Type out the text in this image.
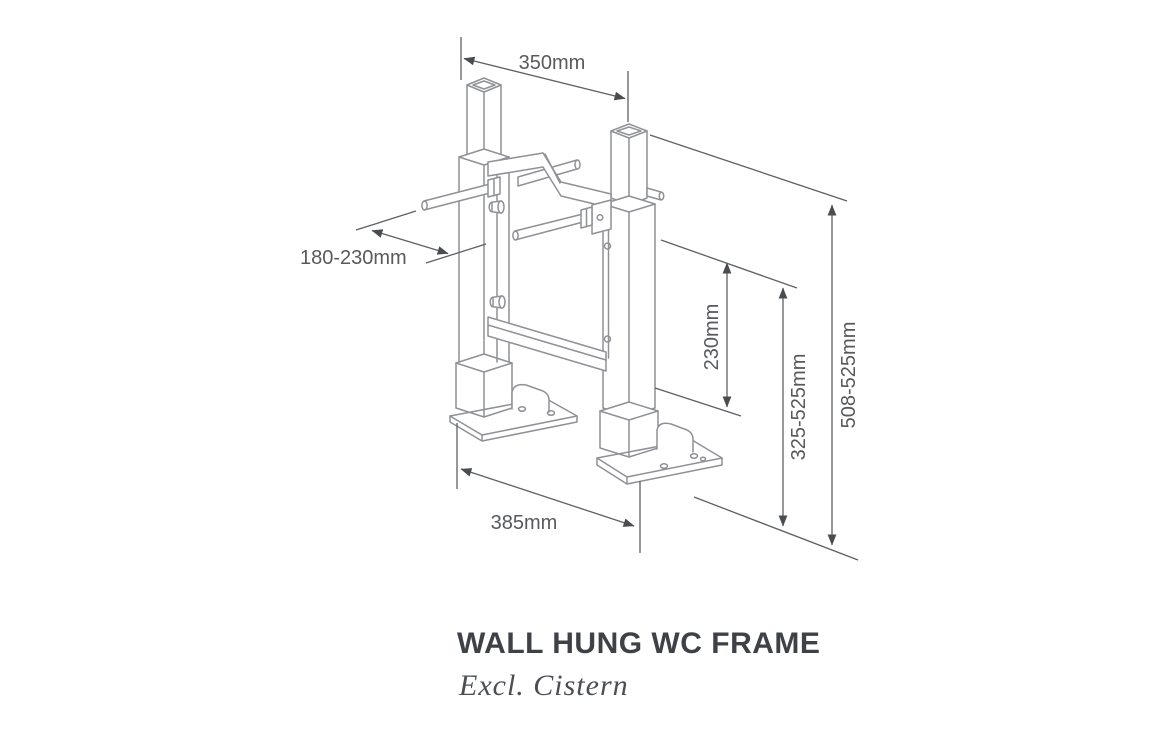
350mm
180-230mm
230mm
325-525mm 508-525mm
385mm
WALL HUNG WC FRAME
Excl. Cistern
